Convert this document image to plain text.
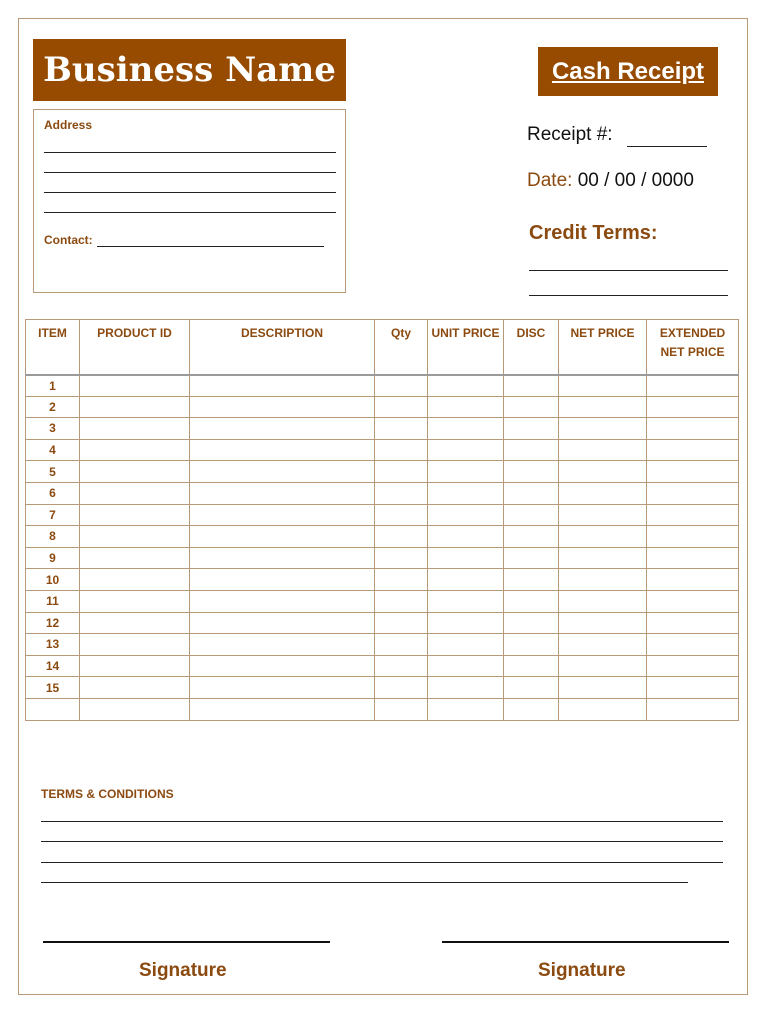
Business Name	Cash Receipt
Address
Contact:
Receipt #:
Date: 00 / 00 / 0000
Credit Terms:
ITEM	PRODUCT ID	DESCRIPTION	Qty	UNIT PRICE	DISC	NET PRICE	EXTENDED NET PRICE
1							
2							
3							
4							
5							
6							
7							
8							
9							
10							
11							
12							
13							
14							
15							

TERMS & CONDITIONS
Signature	Signature
